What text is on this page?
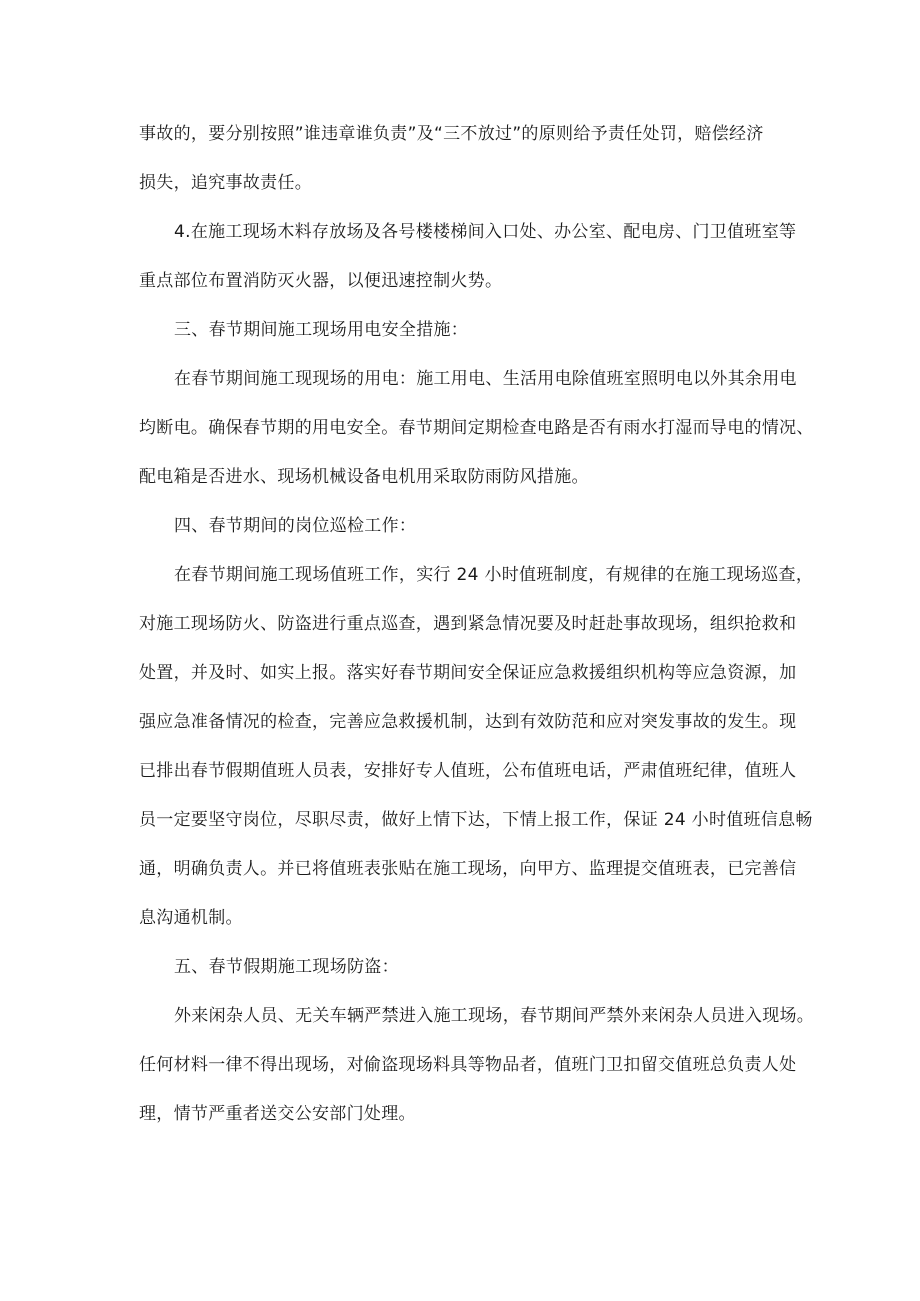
事故的，要分别按照”谁违章谁负责”及“三不放过”的原则给予责任处罚，赔偿经济
损失，追究事故责任。
4.在施工现场木料存放场及各号楼楼梯间入口处、办公室、配电房、门卫值班室等
重点部位布置消防灭火器，以便迅速控制火势。
三、春节期间施工现场用电安全措施：
在春节期间施工现现场的用电：施工用电、生活用电除值班室照明电以外其余用电
均断电。确保春节期的用电安全。春节期间定期检查电路是否有雨水打湿而导电的情况、
配电箱是否进水、现场机械设备电机用采取防雨防风措施。
四、春节期间的岗位巡检工作：
在春节期间施工现场值班工作，实行 24 小时值班制度，有规律的在施工现场巡查，
对施工现场防火、防盗进行重点巡查，遇到紧急情况要及时赶赴事故现场，组织抢救和
处置，并及时、如实上报。落实好春节期间安全保证应急救援组织机构等应急资源，加
强应急准备情况的检查，完善应急救援机制，达到有效防范和应对突发事故的发生。现
已排出春节假期值班人员表，安排好专人值班，公布值班电话，严肃值班纪律，值班人
员一定要坚守岗位，尽职尽责，做好上情下达，下情上报工作，保证 24 小时值班信息畅
通，明确负责人。并已将值班表张贴在施工现场，向甲方、监理提交值班表，已完善信
息沟通机制。
五、春节假期施工现场防盗：
外来闲杂人员、无关车辆严禁进入施工现场，春节期间严禁外来闲杂人员进入现场。
任何材料一律不得出现场，对偷盗现场料具等物品者，值班门卫扣留交值班总负责人处
理，情节严重者送交公安部门处理。
